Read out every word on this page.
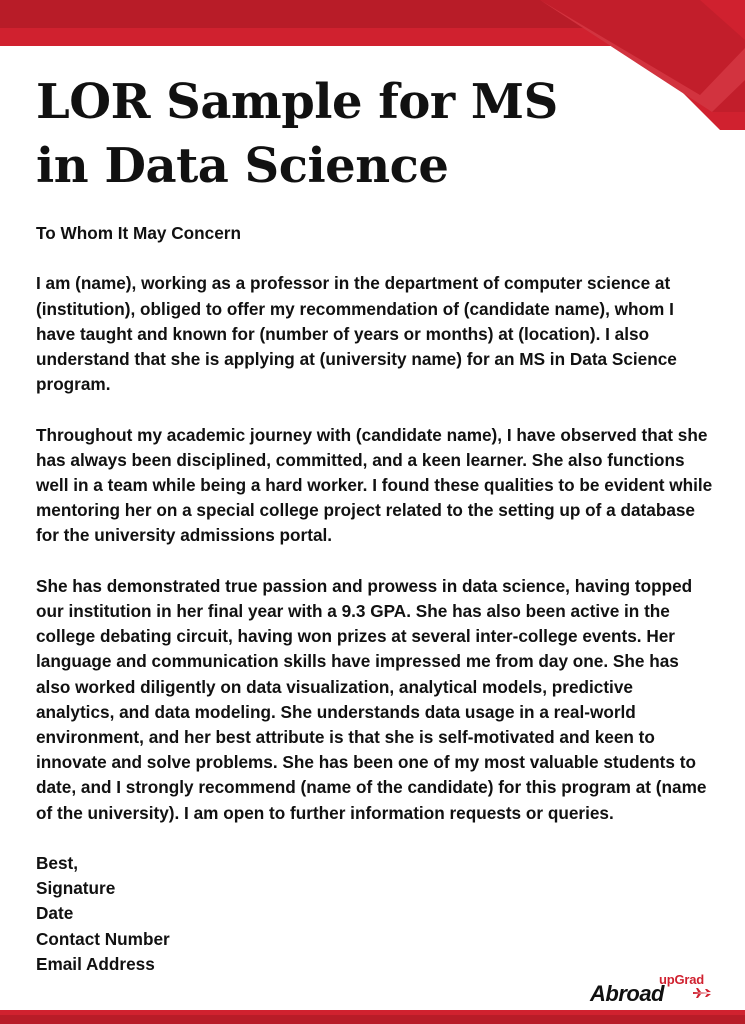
LOR Sample for MS
in Data Science

To Whom It May Concern

I am (name), working as a professor in the department of computer science at (institution), obliged to offer my recommendation of (candidate name), whom I have taught and known for (number of years or months) at (location). I also understand that she is applying at (university name) for an MS in Data Science program.

Throughout my academic journey with (candidate name), I have observed that she has always been disciplined, committed, and a keen learner. She also functions well in a team while being a hard worker. I found these qualities to be evident while mentoring her on a special college project related to the setting up of a database for the university admissions portal.

She has demonstrated true passion and prowess in data science, having topped our institution in her final year with a 9.3 GPA. She has also been active in the college debating circuit, having won prizes at several inter-college events. Her language and communication skills have impressed me from day one. She has also worked diligently on data visualization, analytical models, predictive analytics, and data modeling. She understands data usage in a real-world environment, and her best attribute is that she is self-motivated and keen to innovate and solve problems. She has been one of my most valuable students to date, and I strongly recommend (name of the candidate) for this program at (name of the university). I am open to further information requests or queries.

Best,

Signature

Date

Contact Number

Email Address

upGrad
Abroad
